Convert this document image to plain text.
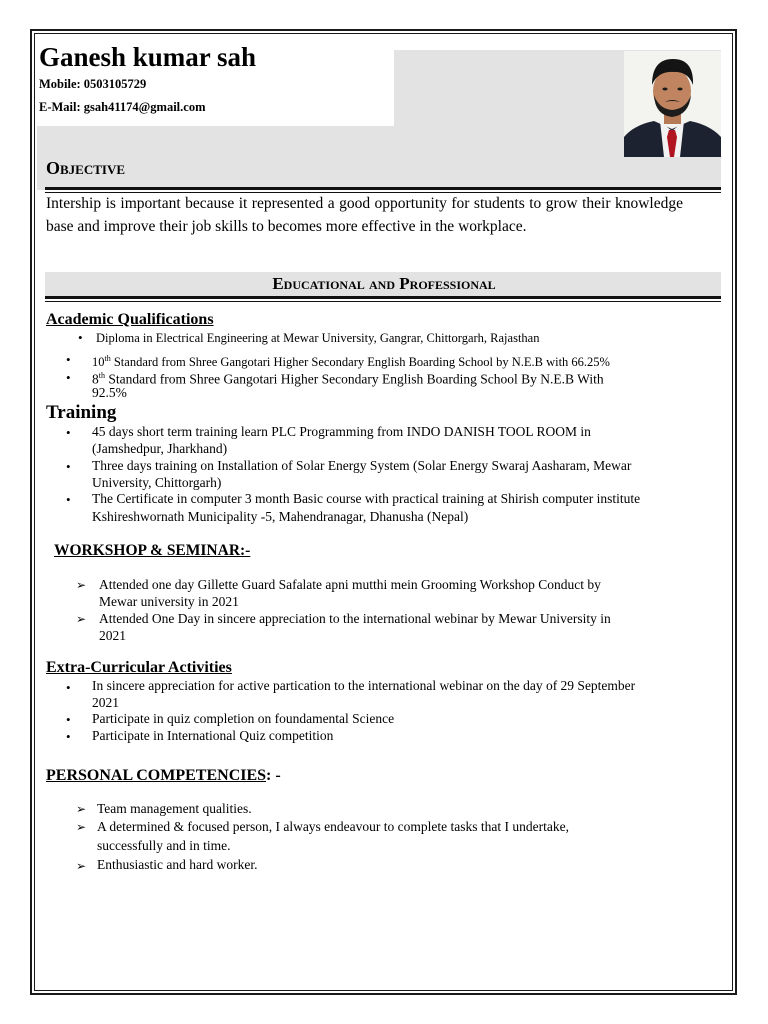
Ganesh kumar sah
Mobile: 0503105729
E-Mail: gsah41174@gmail.com
Objective
Intership is important because it represented a good opportunity for students to grow their knowledge base and improve their job skills to becomes more effective in the workplace.
Educational and Professional
Academic Qualifications
• Diploma in Electrical Engineering at Mewar University, Gangrar, Chittorgarh, Rajasthan
• 10th Standard from Shree Gangotari Higher Secondary English Boarding School by N.E.B with 66.25%
• 8th Standard from Shree Gangotari Higher Secondary English Boarding School By N.E.B With
92.5%
Training
• 45 days short term training learn PLC Programming from INDO DANISH TOOL ROOM in
(Jamshedpur, Jharkhand)
• Three days training on Installation of Solar Energy System (Solar Energy Swaraj Aasharam, Mewar
University, Chittorgarh)
• The Certificate in computer 3 month Basic course with practical training at Shirish computer institute
Kshireshwornath Municipality -5, Mahendranagar, Dhanusha (Nepal)
WORKSHOP & SEMINAR:-
➢ Attended one day Gillette Guard Safalate apni mutthi mein Grooming Workshop Conduct by
Mewar university in 2021
➢ Attended One Day in sincere appreciation to the international webinar by Mewar University in
2021
Extra-Curricular Activities
• In sincere appreciation for active partication to the international webinar on the day of 29 September
2021
• Participate in quiz completion on foundamental Science
• Participate in International Quiz competition
PERSONAL COMPETENCIES: -
➢ Team management qualities.
➢ A determined & focused person, I always endeavour to complete tasks that I undertake,
successfully and in time.
➢ Enthusiastic and hard worker.
